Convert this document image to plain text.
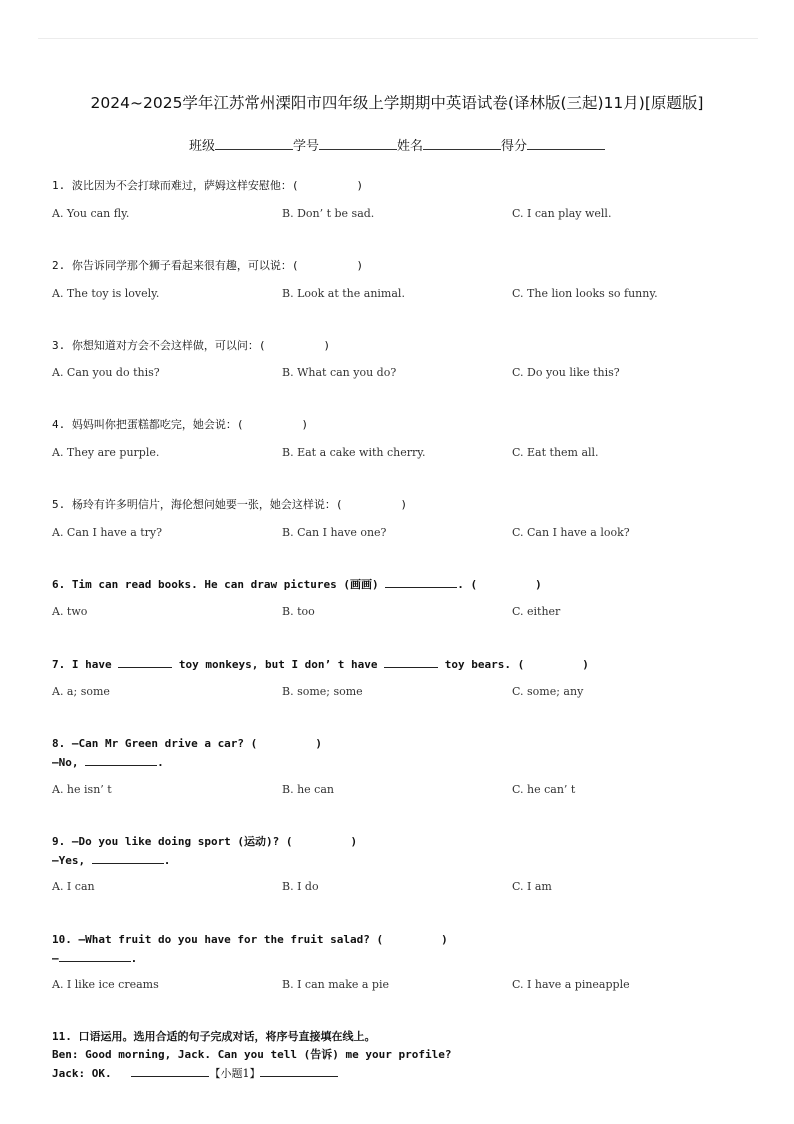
2024~2025学年江苏常州溧阳市四年级上学期期中英语试卷(译林版(三起)11月)[原题版]
班级	学号	姓名	得分
1. 波比因为不会打球而难过，萨姆这样安慰他：(	)
A. You can fly.	B. Don’ t be sad.	C. I can play well.
2. 你告诉同学那个狮子看起来很有趣，可以说：(	)
A. The toy is lovely.	B. Look at the animal.	C. The lion looks so funny.
3. 你想知道对方会不会这样做，可以问：(	)
A. Can you do this?	B. What can you do?	C. Do you like this?
4. 妈妈叫你把蛋糕都吃完，她会说：(	)
A. They are purple.	B. Eat a cake with cherry.	C. Eat them all.
5. 杨玲有许多明信片，海伦想问她要一张，她会这样说：(	)
A. Can I have a try?	B. Can I have one?	C. Can I have a look?
6. Tim can read books. He can draw pictures (画画)	. (	)
A. two	B. too	C. either
7. I have	toy monkeys, but I don’ t have	toy bears. (	)
A. a; some	B. some; some	C. some; any
8. —Can Mr Green drive a car? (	)
—No,	.
A. he isn’ t	B. he can	C. he can’ t
9. —Do you like doing sport (运动)? (	)
—Yes,	.
A. I can	B. I do	C. I am
10. —What fruit do you have for the fruit salad? (	)
—	.
A. I like ice creams	B. I can make a pie	C. I have a pineapple
11. 口语运用。选用合适的句子完成对话，将序号直接填在线上。
Ben: Good morning, Jack. Can you tell (告诉) me your profile?
Jack: OK.	【小题1】
